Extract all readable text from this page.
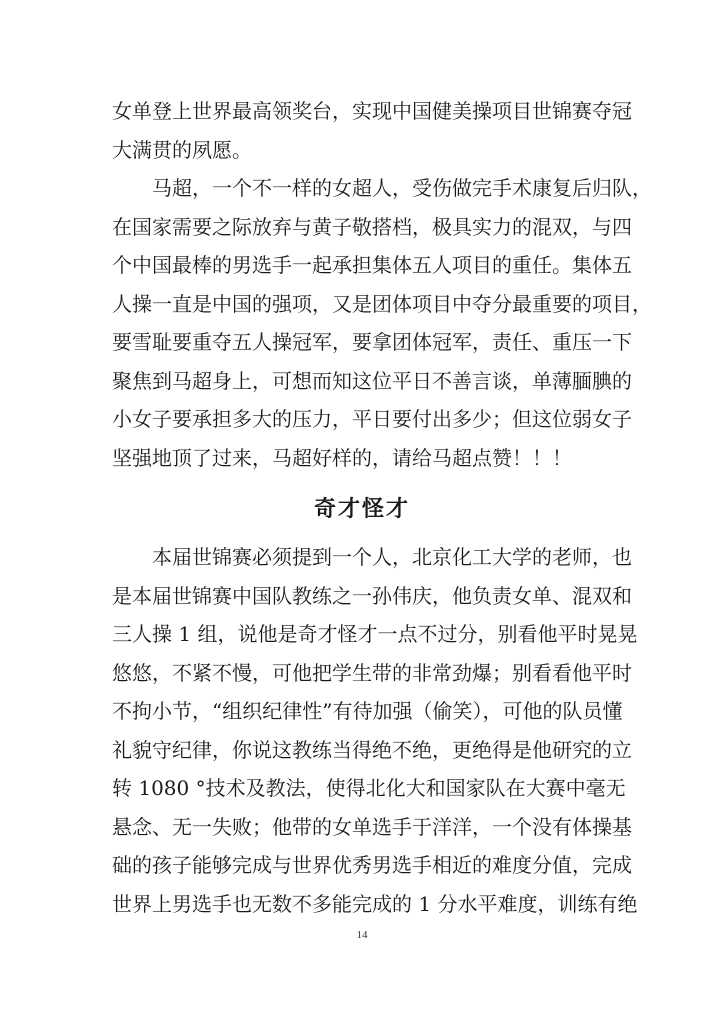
女单登上世界最高领奖台，实现中国健美操项目世锦赛夺冠
大满贯的夙愿。
马超，一个不一样的女超人，受伤做完手术康复后归队，
在国家需要之际放弃与黄子敬搭档，极具实力的混双，与四
个中国最棒的男选手一起承担集体五人项目的重任。集体五
人操一直是中国的强项，又是团体项目中夺分最重要的项目，
要雪耻要重夺五人操冠军，要拿团体冠军，责任、重压一下
聚焦到马超身上，可想而知这位平日不善言谈，单薄腼腆的
小女子要承担多大的压力，平日要付出多少；但这位弱女子
坚强地顶了过来，马超好样的，请给马超点赞！！！
奇才怪才
本届世锦赛必须提到一个人，北京化工大学的老师，也
是本届世锦赛中国队教练之一孙伟庆，他负责女单、混双和
三人操 1 组，说他是奇才怪才一点不过分，别看他平时晃晃
悠悠，不紧不慢，可他把学生带的非常劲爆；别看看他平时
不拘小节，“组织纪律性”有待加强（偷笑），可他的队员懂
礼貌守纪律，你说这教练当得绝不绝，更绝得是他研究的立
转 1080 °技术及教法，使得北化大和国家队在大赛中毫无
悬念、无一失败；他带的女单选手于洋洋，一个没有体操基
础的孩子能够完成与世界优秀男选手相近的难度分值，完成
世界上男选手也无数不多能完成的 1 分水平难度，训练有绝
14
